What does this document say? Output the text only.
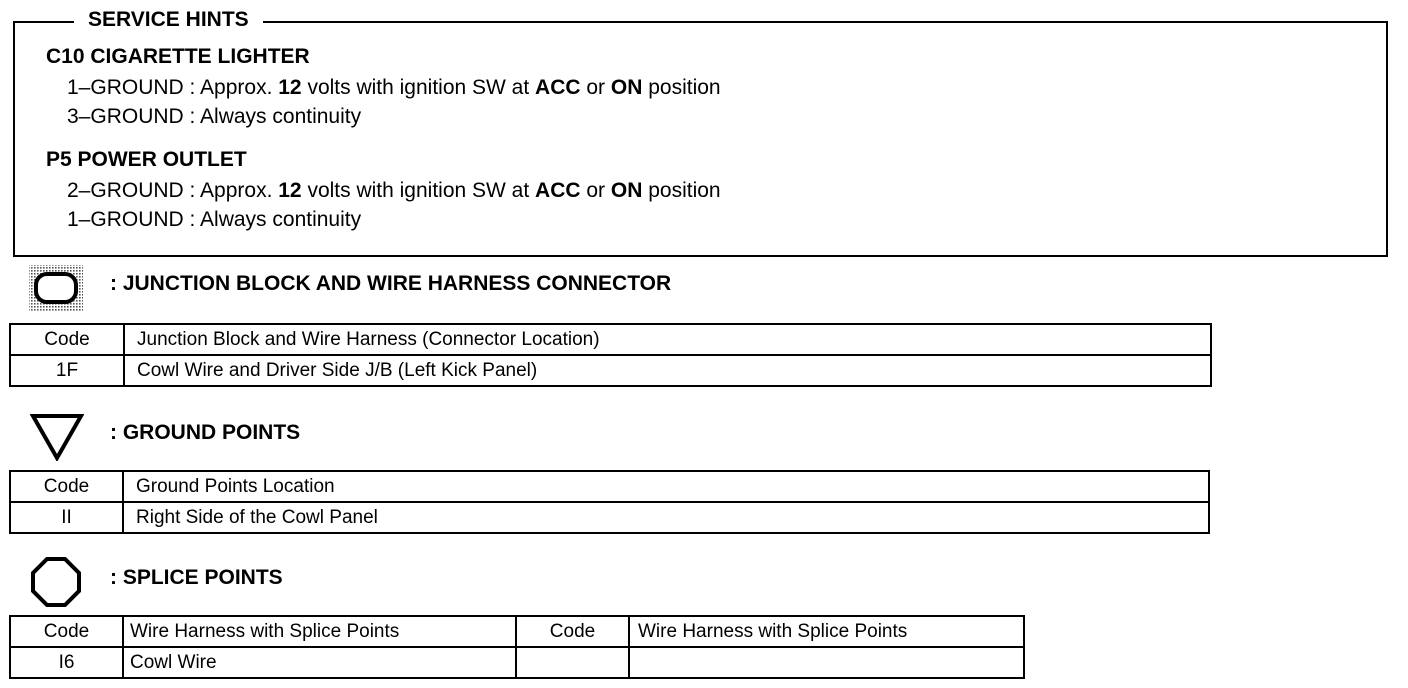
SERVICE HINTS
C10 CIGARETTE LIGHTER
1–GROUND : Approx. 12 volts with ignition SW at ACC or ON position
3–GROUND : Always continuity
P5 POWER OUTLET
2–GROUND : Approx. 12 volts with ignition SW at ACC or ON position
1–GROUND : Always continuity
: JUNCTION BLOCK AND WIRE HARNESS CONNECTOR
Code	Junction Block and Wire Harness (Connector Location)
1F	Cowl Wire and Driver Side J/B (Left Kick Panel)
: GROUND POINTS
Code	Ground Points Location
II	Right Side of the Cowl Panel
: SPLICE POINTS
Code	Wire Harness with Splice Points	Code	Wire Harness with Splice Points
I6	Cowl Wire		
